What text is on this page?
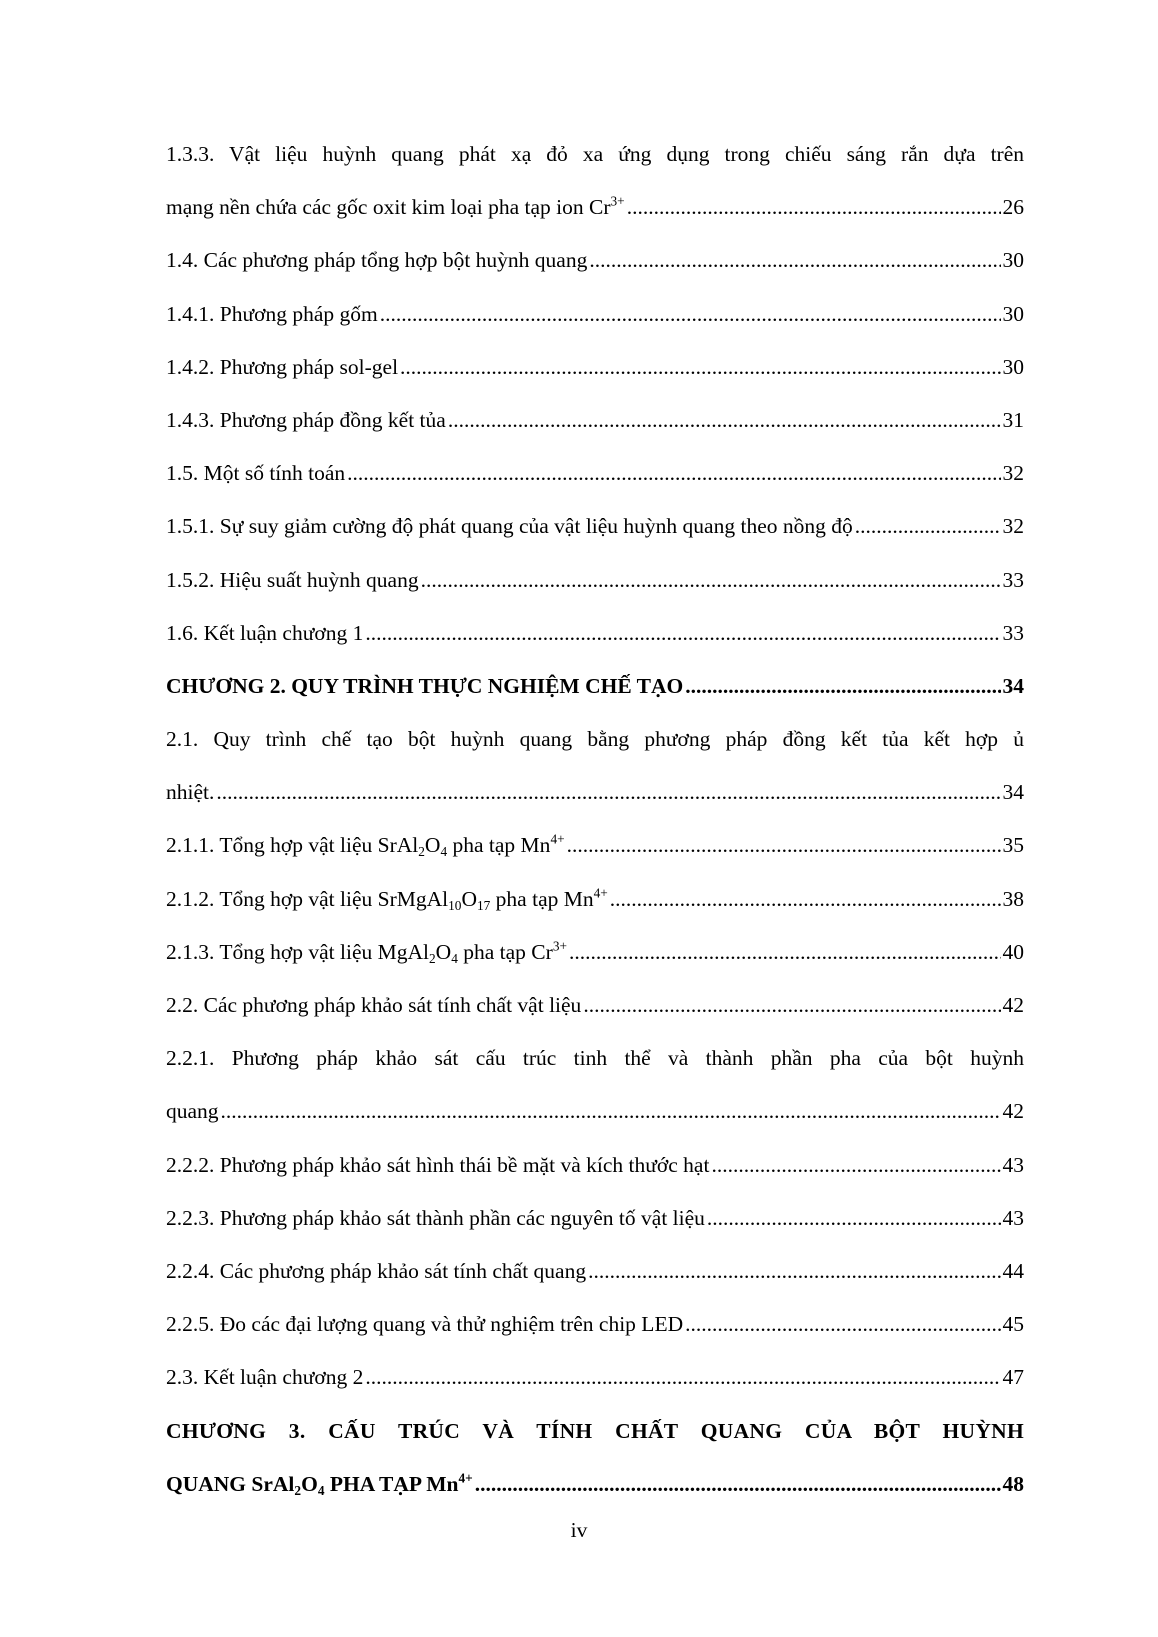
1.3.3. Vật liệu huỳnh quang phát xạ đỏ xa ứng dụng trong chiếu sáng rắn dựa trên
mạng nền chứa các gốc oxit kim loại pha tạp ion $Cr^{3+}$ .....	26
1.4. Các phương pháp tổng hợp bột huỳnh quang .....	30
1.4.1. Phương pháp gốm .....	30
1.4.2. Phương pháp sol-gel .....	30
1.4.3. Phương pháp đồng kết tủa .....	31
1.5. Một số tính toán .....	32
1.5.1. Sự suy giảm cường độ phát quang của vật liệu huỳnh quang theo nồng độ .....	32
1.5.2. Hiệu suất huỳnh quang .....	33
1.6. Kết luận chương 1 .....	33
CHƯƠNG 2. QUY TRÌNH THỰC NGHIỆM CHẾ TẠO .....	34
2.1. Quy trình chế tạo bột huỳnh quang bằng phương pháp đồng kết tủa kết hợp ủ
nhiệt. .....	34
2.1.1. Tổng hợp vật liệu $SrAl_2O_4$ pha tạp $Mn^{4+}$ .....	35
2.1.2. Tổng hợp vật liệu $SrMgAl_{10}O_{17}$ pha tạp $Mn^{4+}$ .....	38
2.1.3. Tổng hợp vật liệu $MgAl_2O_4$ pha tạp $Cr^{3+}$ .....	40
2.2. Các phương pháp khảo sát tính chất vật liệu .....	42
2.2.1. Phương pháp khảo sát cấu trúc tinh thể và thành phần pha của bột huỳnh
quang .....	42
2.2.2. Phương pháp khảo sát hình thái bề mặt và kích thước hạt .....	43
2.2.3. Phương pháp khảo sát thành phần các nguyên tố vật liệu .....	43
2.2.4. Các phương pháp khảo sát tính chất quang .....	44
2.2.5. Đo các đại lượng quang và thử nghiệm trên chip LED .....	45
2.3. Kết luận chương 2 .....	47
CHƯƠNG 3. CẤU TRÚC VÀ TÍNH CHẤT QUANG CỦA BỘT HUỲNH
QUANG $SrAl_2O_4$ PHA TẠP $Mn^{4+}$ .....	48
iv
